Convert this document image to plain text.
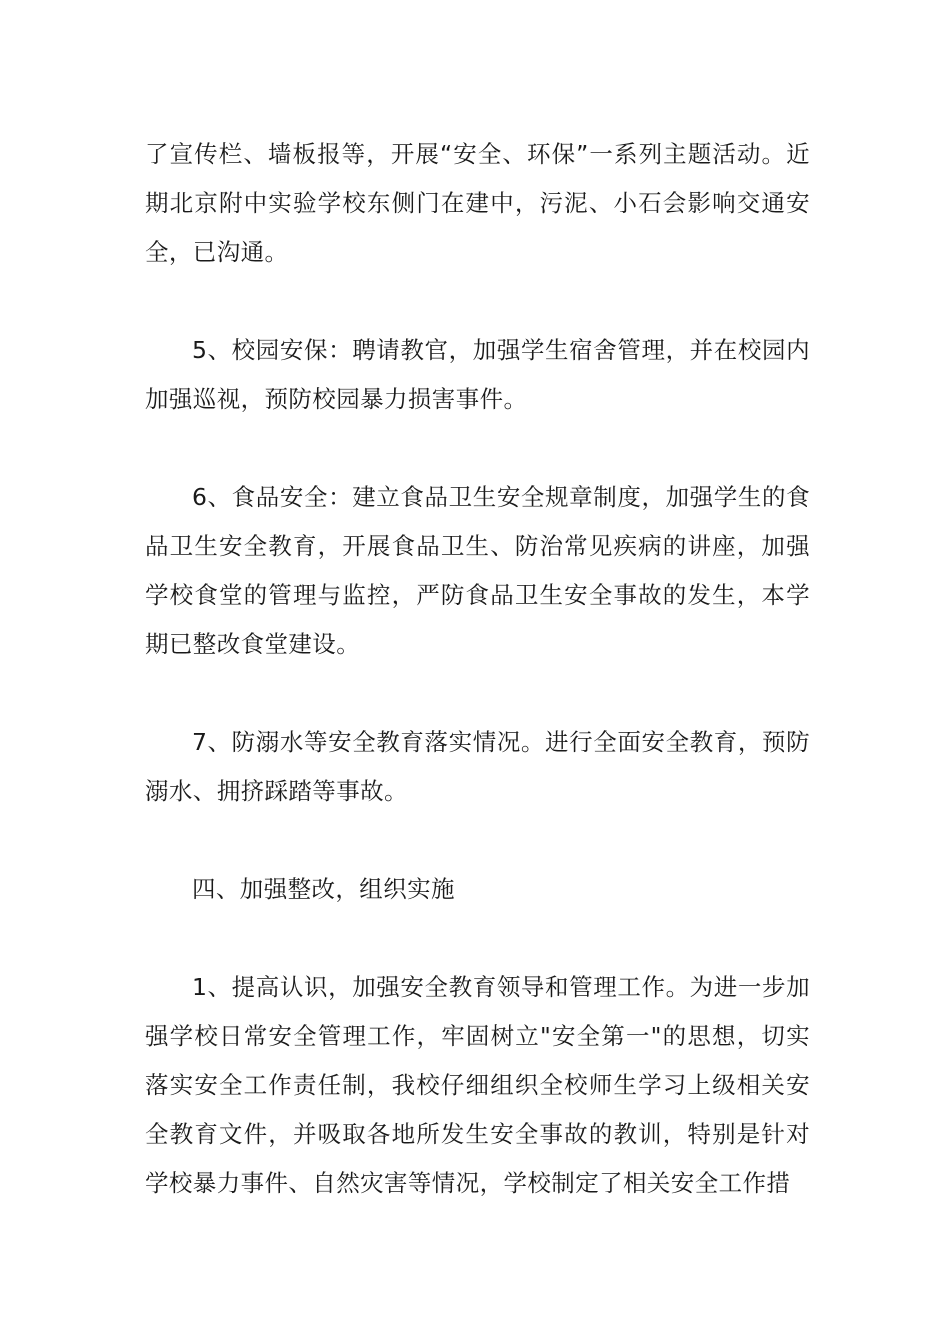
了宣传栏、墙板报等，开展“安全、环保”一系列主题活动。近期北京附中实验学校东侧门在建中，污泥、小石会影响交通安全，已沟通。

5、校园安保：聘请教官，加强学生宿舍管理，并在校园内加强巡视，预防校园暴力损害事件。

6、食品安全：建立食品卫生安全规章制度，加强学生的食品卫生安全教育，开展食品卫生、防治常见疾病的讲座，加强学校食堂的管理与监控，严防食品卫生安全事故的发生，本学期已整改食堂建设。

7、防溺水等安全教育落实情况。进行全面安全教育，预防溺水、拥挤踩踏等事故。

四、加强整改，组织实施

1、提高认识，加强安全教育领导和管理工作。为进一步加强学校日常安全管理工作，牢固树立"安全第一"的思想，切实落实安全工作责任制，我校仔细组织全校师生学习上级相关安全教育文件，并吸取各地所发生安全事故的教训，特别是针对学校暴力事件、自然灾害等情况，学校制定了相关安全工作措
